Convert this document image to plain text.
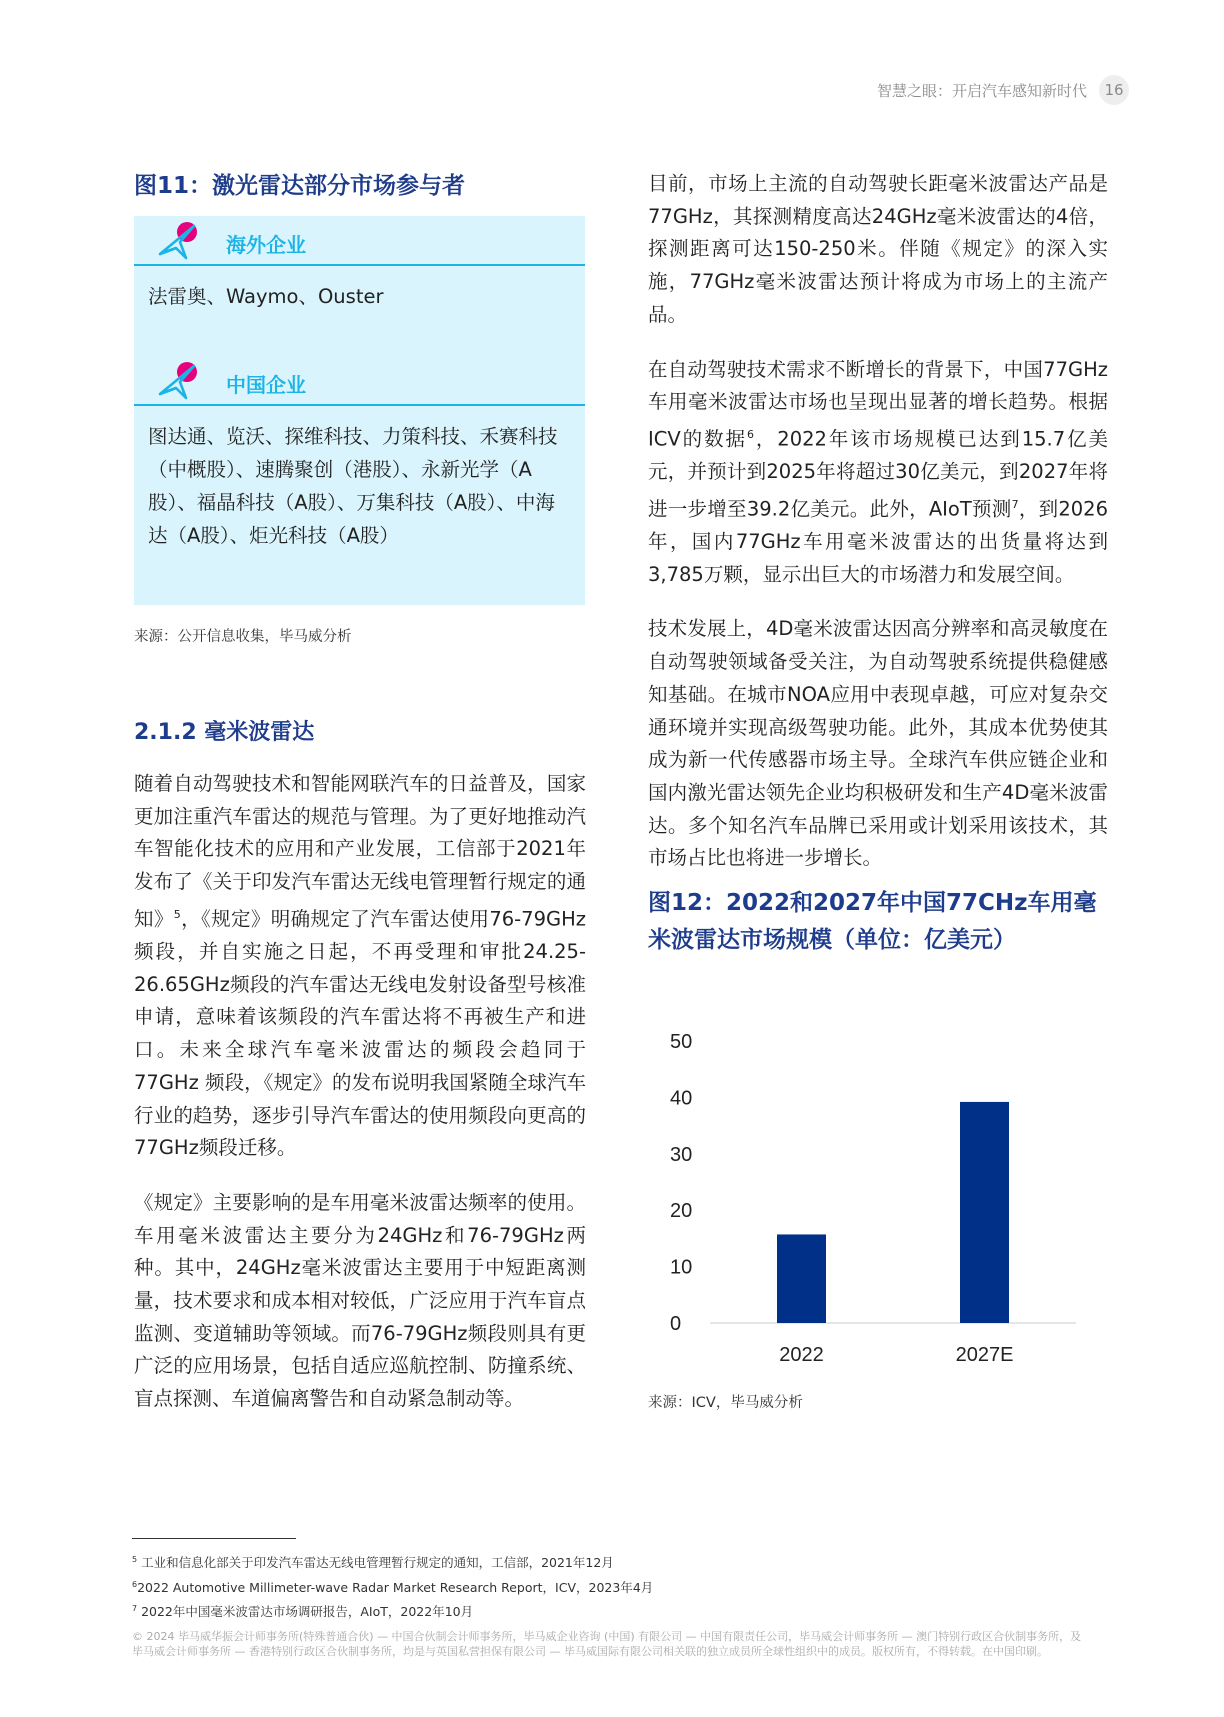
智慧之眼：开启汽车感知新时代	16
图11：激光雷达部分市场参与者
海外企业

法雷奥、Waymo、Ouster

中国企业

图达通、览沃、探维科技、力策科技、禾赛科技（中概股）、速腾聚创（港股）、永新光学（A股）、福晶科技（A股）、万集科技（A股）、中海达（A股）、炬光科技（A股）

来源：公开信息收集，毕马威分析
2.1.2 毫米波雷达

随着自动驾驶技术和智能网联汽车的日益普及，国家更加注重汽车雷达的规范与管理。为了更好地推动汽车智能化技术的应用和产业发展，工信部于2021年发布了《关于印发汽车雷达无线电管理暂行规定的通知》$^5$，《规定》明确规定了汽车雷达使用76-79GHz频段，并自实施之日起，不再受理和审批24.25-26.65GHz频段的汽车雷达无线电发射设备型号核准申请，意味着该频段的汽车雷达将不再被生产和进口。未来全球汽车毫米波雷达的频段会趋同于77GHz 频段，《规定》的发布说明我国紧随全球汽车行业的趋势，逐步引导汽车雷达的使用频段向更高的77GHz频段迁移。

《规定》主要影响的是车用毫米波雷达频率的使用。车用毫米波雷达主要分为24GHz和76-79GHz两种。其中，24GHz毫米波雷达主要用于中短距离测量，技术要求和成本相对较低，广泛应用于汽车盲点监测、变道辅助等领域。而76-79GHz频段则具有更广泛的应用场景，包括自适应巡航控制、防撞系统、盲点探测、车道偏离警告和自动紧急制动等。

目前，市场上主流的自动驾驶长距毫米波雷达产品是77GHz，其探测精度高达24GHz毫米波雷达的4倍，探测距离可达150-250米。伴随《规定》的深入实施，77GHz毫米波雷达预计将成为市场上的主流产品。

在自动驾驶技术需求不断增长的背景下，中国77GHz车用毫米波雷达市场也呈现出显著的增长趋势。根据ICV的数据$^6$，2022年该市场规模已达到15.7亿美元，并预计到2025年将超过30亿美元，到2027年将进一步增至39.2亿美元。此外，AIoT预测$^7$，到2026年，国内77GHz车用毫米波雷达的出货量将达到3,785万颗，显示出巨大的市场潜力和发展空间。

技术发展上，4D毫米波雷达因高分辨率和高灵敏度在自动驾驶领域备受关注，为自动驾驶系统提供稳健感知基础。在城市NOA应用中表现卓越，可应对复杂交通环境并实现高级驾驶功能。此外，其成本优势使其成为新一代传感器市场主导。全球汽车供应链企业和国内激光雷达领先企业均积极研发和生产4D毫米波雷达。多个知名汽车品牌已采用或计划采用该技术，其市场占比也将进一步增长。

图12：2022和2027年中国77CHz车用毫米波雷达市场规模（单位：亿美元）
0
10
20
30
40
50
2022	2027E
来源：ICV，毕马威分析
$^5$ 工业和信息化部关于印发汽车雷达无线电管理暂行规定的通知，工信部，2021年12月
$^6$2022 Automotive Millimeter-wave Radar Market Research Report，ICV，2023年4月
$^7$ 2022年中国毫米波雷达市场调研报告，AIoT，2022年10月
© 2024 毕马威华振会计师事务所(特殊普通合伙) — 中国合伙制会计师事务所，毕马威企业咨询 (中国) 有限公司 — 中国有限责任公司，毕马威会计师事务所 — 澳门特别行政区合伙制事务所，及毕马威会计师事务所 — 香港特别行政区合伙制事务所，均是与英国私营担保有限公司 — 毕马威国际有限公司相关联的独立成员所全球性组织中的成员。版权所有，不得转载。在中国印刷。
